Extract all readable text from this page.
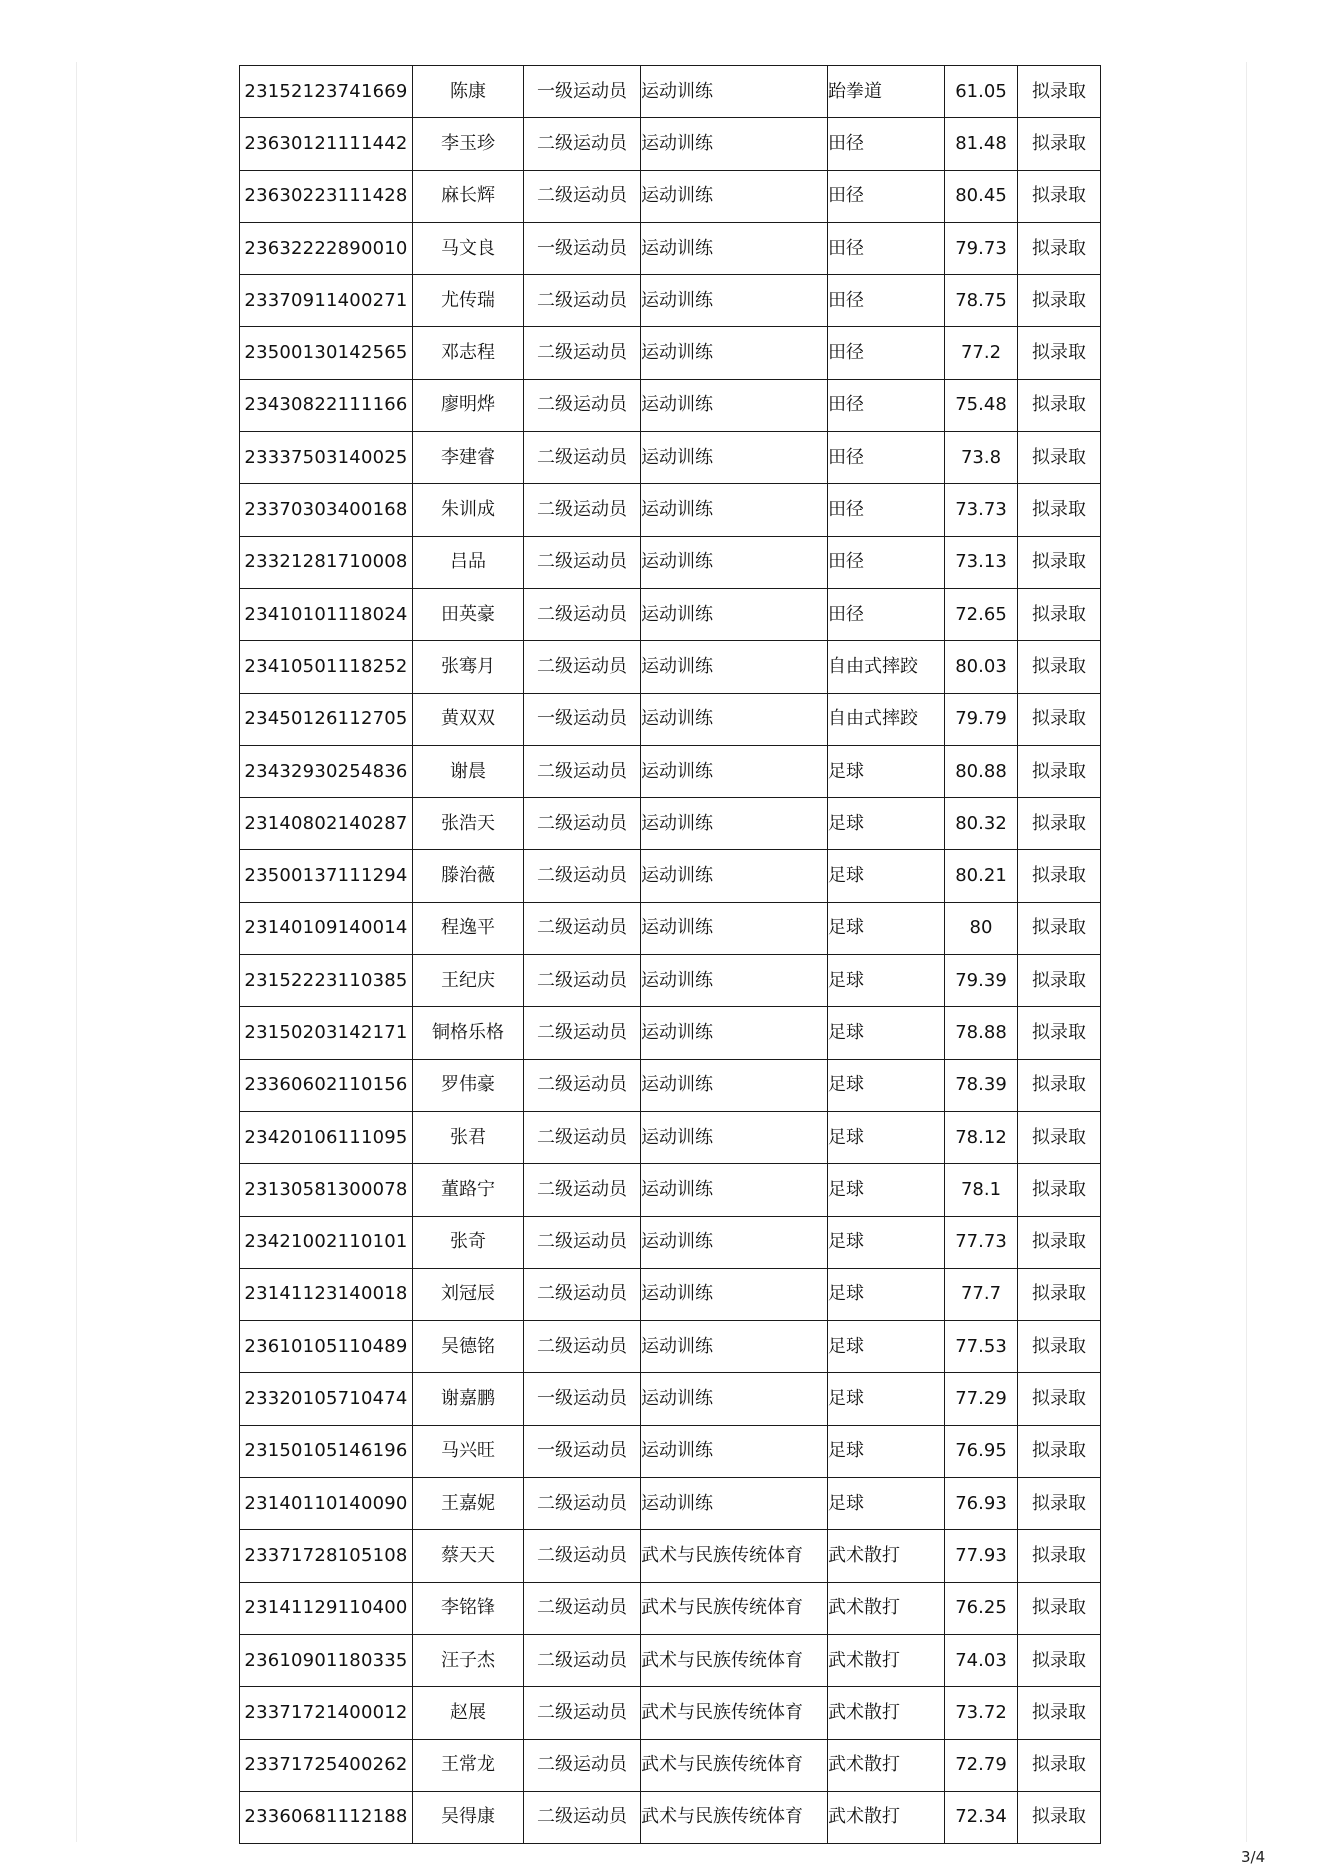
23152123741669	陈康	一级运动员	运动训练	跆拳道	61.05	拟录取
23630121111442	李玉珍	二级运动员	运动训练	田径	81.48	拟录取
23630223111428	麻长辉	二级运动员	运动训练	田径	80.45	拟录取
23632222890010	马文良	一级运动员	运动训练	田径	79.73	拟录取
23370911400271	尤传瑞	二级运动员	运动训练	田径	78.75	拟录取
23500130142565	邓志程	二级运动员	运动训练	田径	77.2	拟录取
23430822111166	廖明烨	二级运动员	运动训练	田径	75.48	拟录取
23337503140025	李建睿	二级运动员	运动训练	田径	73.8	拟录取
23370303400168	朱训成	二级运动员	运动训练	田径	73.73	拟录取
23321281710008	吕品	二级运动员	运动训练	田径	73.13	拟录取
23410101118024	田英豪	二级运动员	运动训练	田径	72.65	拟录取
23410501118252	张骞月	二级运动员	运动训练	自由式摔跤	80.03	拟录取
23450126112705	黄双双	一级运动员	运动训练	自由式摔跤	79.79	拟录取
23432930254836	谢晨	二级运动员	运动训练	足球	80.88	拟录取
23140802140287	张浩天	二级运动员	运动训练	足球	80.32	拟录取
23500137111294	滕治薇	二级运动员	运动训练	足球	80.21	拟录取
23140109140014	程逸平	二级运动员	运动训练	足球	80	拟录取
23152223110385	王纪庆	二级运动员	运动训练	足球	79.39	拟录取
23150203142171	铜格乐格	二级运动员	运动训练	足球	78.88	拟录取
23360602110156	罗伟豪	二级运动员	运动训练	足球	78.39	拟录取
23420106111095	张君	二级运动员	运动训练	足球	78.12	拟录取
23130581300078	董路宁	二级运动员	运动训练	足球	78.1	拟录取
23421002110101	张奇	二级运动员	运动训练	足球	77.73	拟录取
23141123140018	刘冠辰	二级运动员	运动训练	足球	77.7	拟录取
23610105110489	吴德铭	二级运动员	运动训练	足球	77.53	拟录取
23320105710474	谢嘉鹏	一级运动员	运动训练	足球	77.29	拟录取
23150105146196	马兴旺	一级运动员	运动训练	足球	76.95	拟录取
23140110140090	王嘉妮	二级运动员	运动训练	足球	76.93	拟录取
23371728105108	蔡天天	二级运动员	武术与民族传统体育	武术散打	77.93	拟录取
23141129110400	李铭锋	二级运动员	武术与民族传统体育	武术散打	76.25	拟录取
23610901180335	汪子杰	二级运动员	武术与民族传统体育	武术散打	74.03	拟录取
23371721400012	赵展	二级运动员	武术与民族传统体育	武术散打	73.72	拟录取
23371725400262	王常龙	二级运动员	武术与民族传统体育	武术散打	72.79	拟录取
23360681112188	吴得康	二级运动员	武术与民族传统体育	武术散打	72.34	拟录取
3/4
